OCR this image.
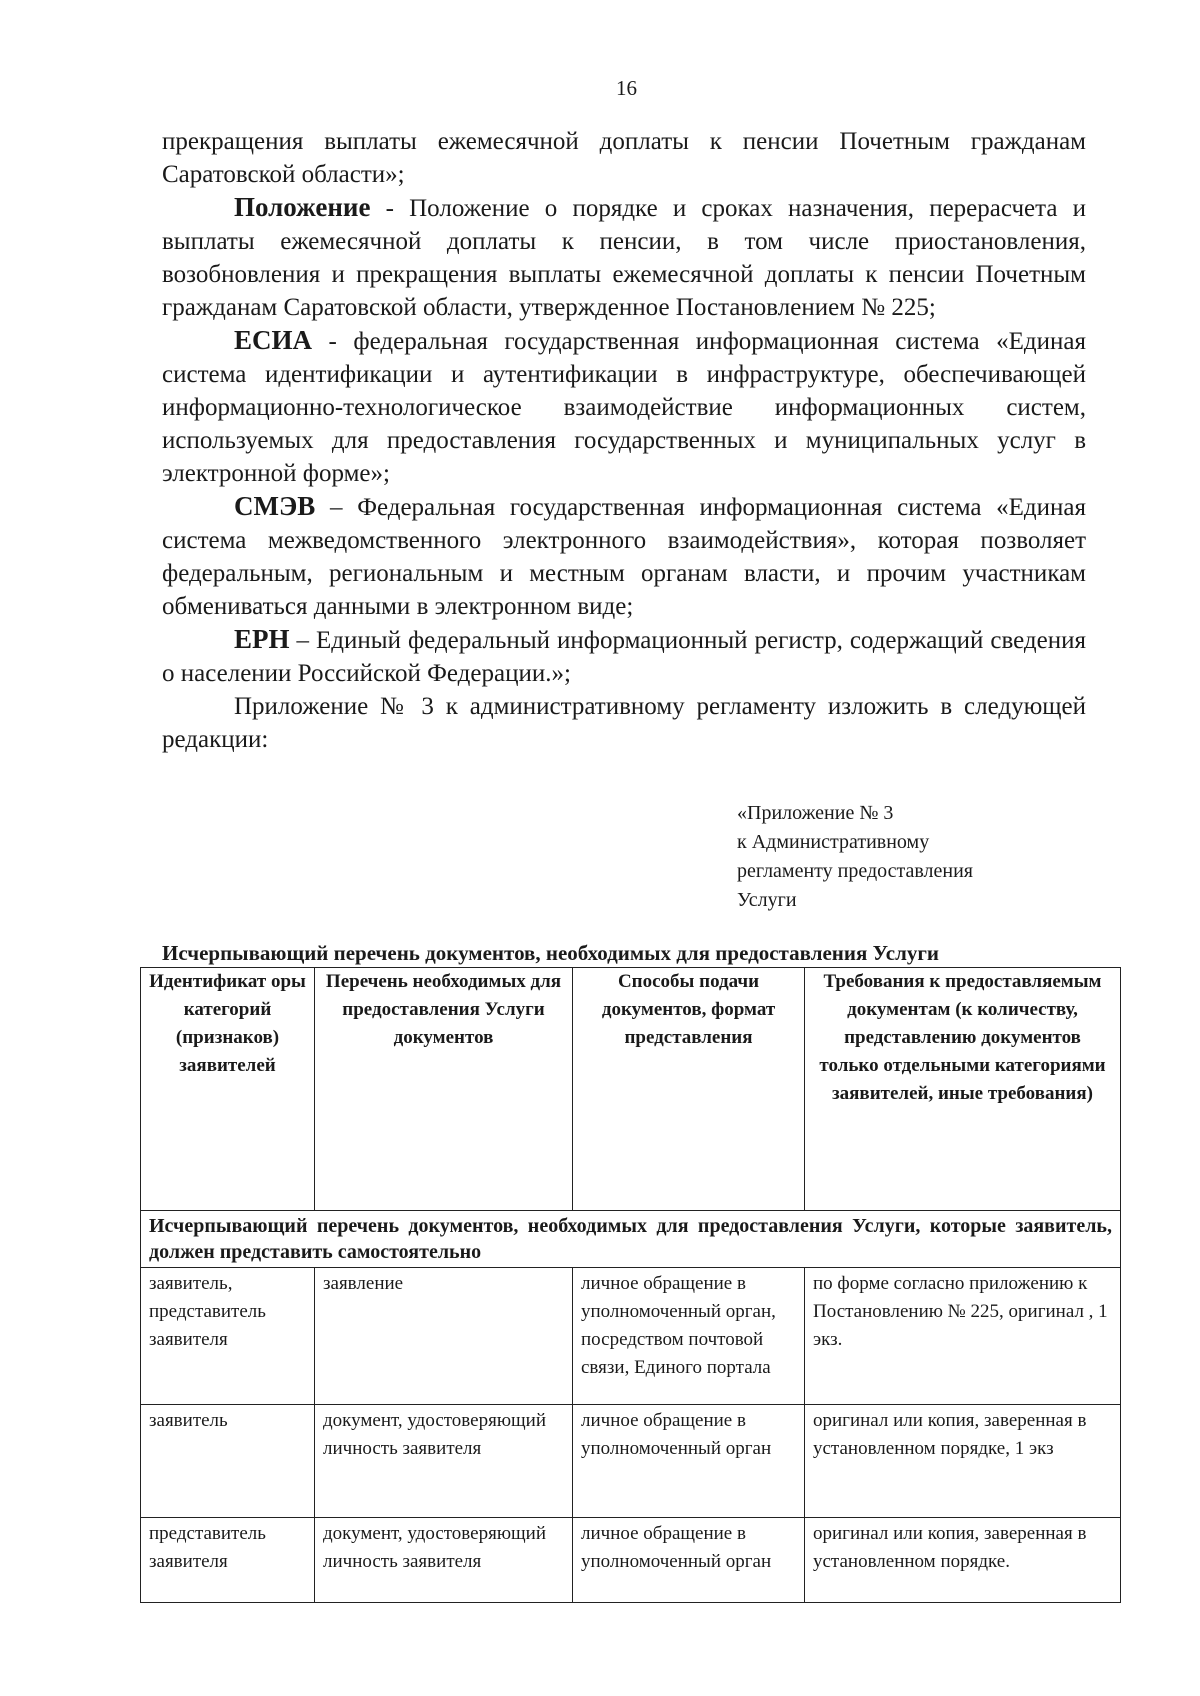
16

прекращения выплаты ежемесячной доплаты к пенсии Почетным гражданам Саратовской области»;

Положение - Положение о порядке и сроках назначения, перерасчета и выплаты ежемесячной доплаты к пенсии, в том числе приостановления, возобновления и прекращения выплаты ежемесячной доплаты к пенсии Почетным гражданам Саратовской области, утвержденное Постановлением № 225;

ЕСИА - федеральная государственная информационная система «Единая система идентификации и аутентификации в инфраструктуре, обеспечивающей информационно-технологическое взаимодействие информационных систем, используемых для предоставления государственных и муниципальных услуг в электронной форме»;

СМЭВ – Федеральная государственная информационная система «Единая система межведомственного электронного взаимодействия», которая позволяет федеральным, региональным и местным органам власти, и прочим участникам обмениваться данными в электронном виде;

ЕРН – Единый федеральный информационный регистр, содержащий сведения о населении Российской Федерации.»;

Приложение № 3 к административному регламенту изложить в следующей редакции:

«Приложение № 3
к Административному
регламенту предоставления
Услуги
Исчерпывающий перечень документов, необходимых для предоставления Услуги
Идентификат оры категорий (признаков) заявителей	Перечень необходимых для предоставления Услуги документов	Способы подачи документов, формат представления	Требования к предоставляемым документам (к количеству, представлению документов только отдельными категориями заявителей, иные требования)
Исчерпывающий перечень документов, необходимых для предоставления Услуги, которые заявитель, должен представить самостоятельно			
заявитель, представитель заявителя	заявление	личное обращение в уполномоченный орган, посредством почтовой связи, Единого портала	по форме согласно приложению к Постановлению № 225, оригинал , 1 экз.
заявитель	документ, удостоверяющий личность заявителя	личное обращение в уполномоченный орган	оригинал или копия, заверенная в установленном порядке, 1 экз
представитель заявителя	документ, удостоверяющий личность заявителя	личное обращение в уполномоченный орган	оригинал или копия, заверенная в установленном порядке.
